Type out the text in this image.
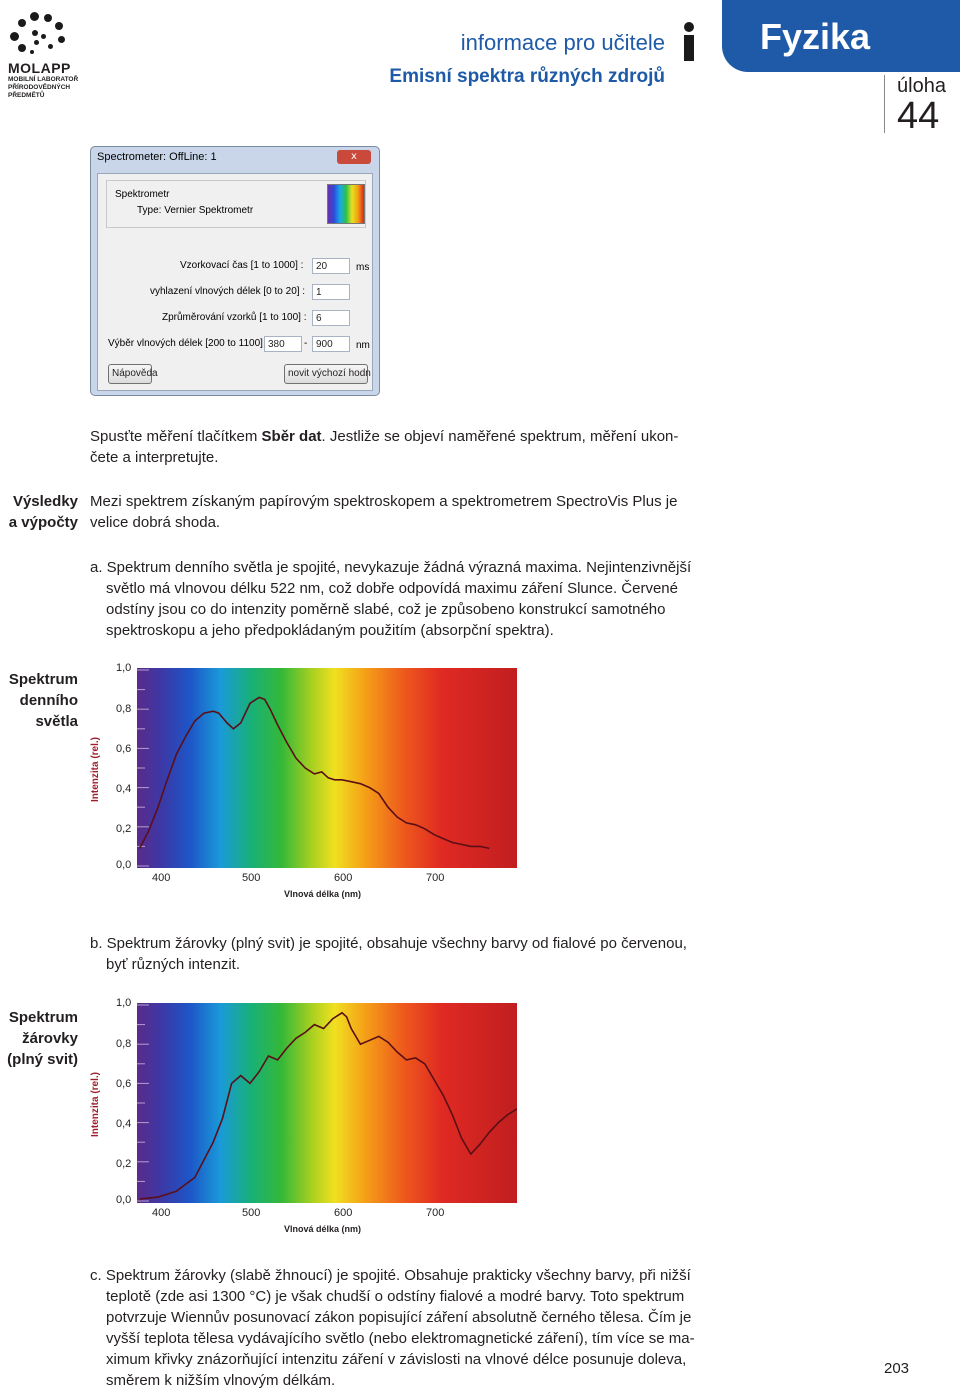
MOLAPP
MOBILNÍ LABORATOŘ
PŘÍRODOVĚDNÝCH
PŘEDMĚTŮ
informace pro učitele
Emisní spektra různých zdrojů
Fyzika
úloha
44
Spectrometer: OffLine: 1	x
Spektrometr
Type: Vernier Spektrometr
Vzorkovací čas [1 to 1000] :	20	ms
vyhlazení vlnových délek [0 to 20] :	1
Zprůměrování vzorků [1 to 100] : 6
Výběr vlnových délek [200 to 1100] 380	- 900	nm
Nápověda	novit výchozí hodn
Spusťte měření tlačítkem Sběr dat. Jestliže se objeví naměřené spektrum, měření ukon-
čete a interpretujte.
Výsledky
a výpočty
Mezi spektrem získaným papírovým spektroskopem a spektrometrem SpectroVis Plus je
velice dobrá shoda.
a. Spektrum denního světla je spojité, nevykazuje žádná výrazná maxima. Nejintenzivnější
světlo má vlnovou délku 522 nm, což dobře odpovídá maximu záření Slunce. Červené
odstíny jsou co do intenzity poměrně slabé, což je způsobeno konstrukcí samotného
spektroskopu a jeho předpokládaným použitím (absorpční spektra).
Spektrum
denního
světla
Intenzita (rel.)
1,0
0,8
0,6
0,4
0,2
0,0
400	500	600	700
Vlnová délka (nm)
b. Spektrum žárovky (plný svit) je spojité, obsahuje všechny barvy od fialové po červenou,
byť různých intenzit.
Spektrum
žárovky
(plný svit)
Intenzita (rel.)
1,0
0,8
0,6
0,4
0,2
0,0
400	500	600	700
Vlnová délka (nm)
c. Spektrum žárovky (slabě žhnoucí) je spojité. Obsahuje prakticky všechny barvy, při nižší
teplotě (zde asi 1300 °C) je však chudší o odstíny fialové a modré barvy. Toto spektrum
potvrzuje Wiennův posunovací zákon popisující záření absolutně černého tělesa. Čím je
vyšší teplota tělesa vydávajícího světlo (nebo elektromagnetické záření), tím více se ma-
ximum křivky znázorňující intenzitu záření v závislosti na vlnové délce posunuje doleva,
směrem k nižším vlnovým délkám.
203
